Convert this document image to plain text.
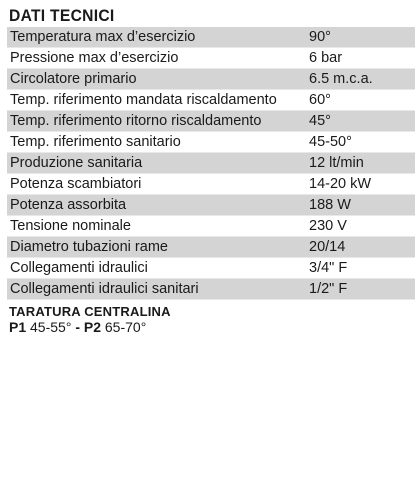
DATI TECNICI
Temperatura max d’esercizio	90°
Pressione max d’esercizio	6 bar
Circolatore primario	6.5 m.c.a.
Temp. riferimento mandata riscaldamento	60°
Temp. riferimento ritorno riscaldamento	45°
Temp. riferimento sanitario	45-50°
Produzione sanitaria	12 lt/min
Potenza scambiatori	14-20 kW
Potenza assorbita	188 W
Tensione nominale	230 V
Diametro tubazioni rame	20/14
Collegamenti idraulici	3/4" F
Collegamenti idraulici sanitari	1/2" F
TARATURA CENTRALINA
P1 45-55° - P2 65-70°
